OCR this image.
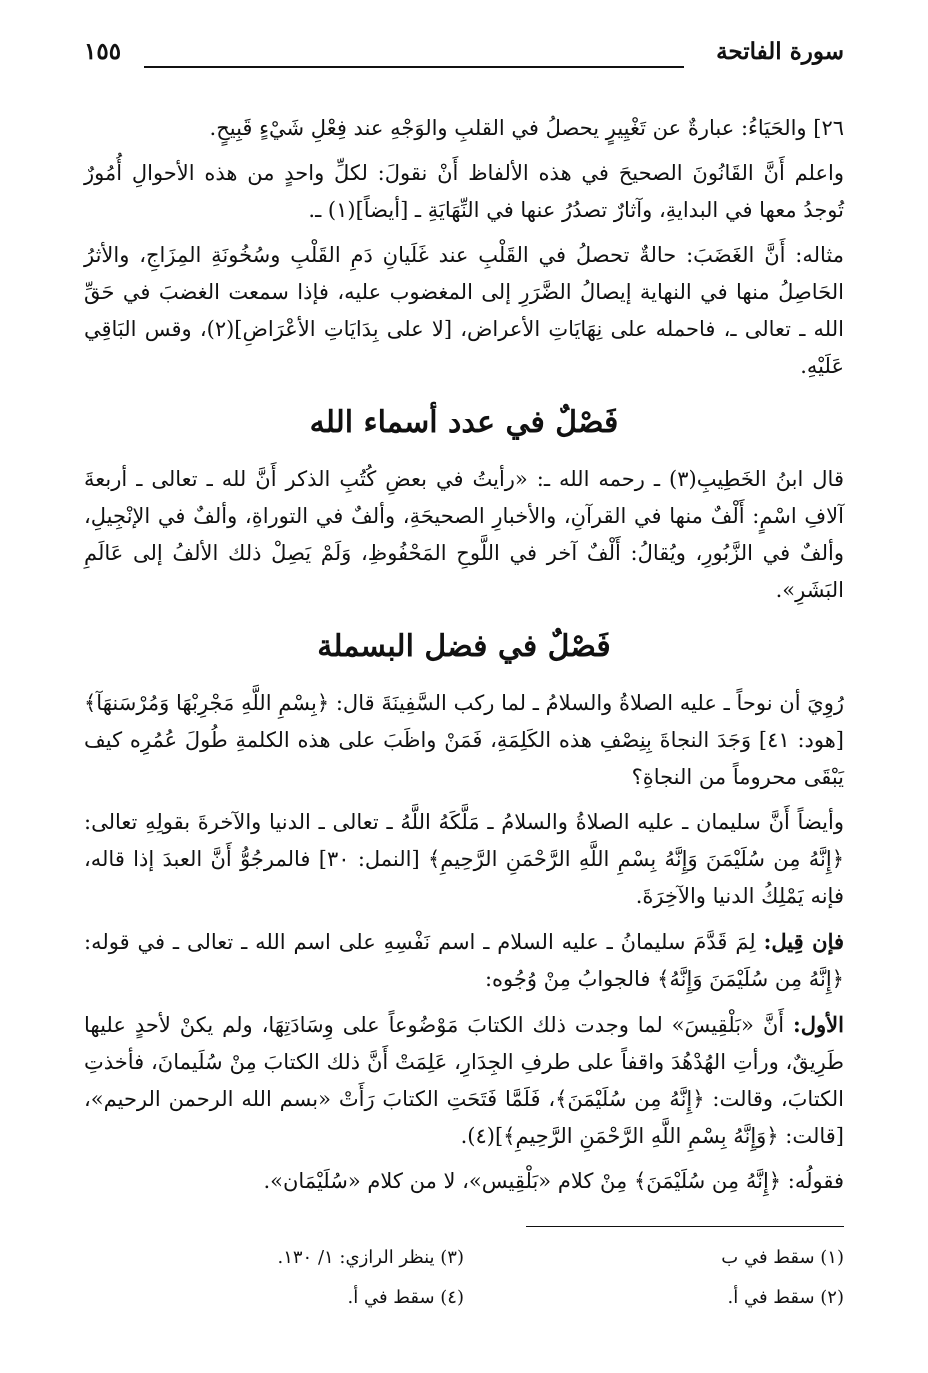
سورة الفاتحة
١٥٥

٢٦] والحَيَاءُ: عبارةٌ عن تَغْيِيرٍ يحصلُ في القلبِ والوَجْهِ عند فِعْلِ شَيْءٍ قَبِيحٍ.

واعلم أَنَّ القَانُونَ الصحيحَ في هذه الألفاظ أَنْ نقولَ: لكلِّ واحدٍ من هذه الأحوالِ أُمُورٌ تُوجدُ معها في البدايةِ، وآثارٌ تصدُرُ عنها في النِّهَايَةِ ـ [أيضاً](١) ـ.

مثاله: أَنَّ الغَضَبَ: حالةٌ تحصلُ في القَلْبِ عند غَلَيانِ دَمِ القَلْبِ وسُخُونَةِ المِزَاجِ، والأثرُ الحَاصِلُ منها في النهاية إيصالُ الضَّرَرِ إلى المغضوب عليه، فإذا سمعت الغضبَ في حَقِّ الله ـ تعالى ـ، فاحمله على نِهَايَاتِ الأعراض، [لا على بِدَايَاتِ الأعْرَاضِ](٢)، وقس البَاقِي عَلَيْهِ.

فَصْلٌ في عدد أسماء الله

قال ابنُ الخَطِيبِ(٣) ـ رحمه الله ـ: «رأيتُ في بعضِ كُتُبِ الذكر أَنَّ لله ـ تعالى ـ أربعةَ آلافِ اسْمٍ: أَلْفٌ منها في القرآنِ، والأخبارِ الصحيحَةِ، وألفٌ في التوراةِ، وألفٌ في الإنْجِيلِ، وألفٌ في الزَّبُورِ، ويُقالُ: أَلْفٌ آخر في اللَّوحِ المَحْفُوظِ، وَلَمْ يَصِلْ ذلك الألفُ إلى عَالَمِ البَشَرِ».

فَصْلٌ في فضل البسملة

رُوِيَ أن نوحاً ـ عليه الصلاةُ والسلامُ ـ لما ركب السَّفِينَةَ قال: ﴿بِسْمِ اللَّهِ مَجْرِبْهَا وَمُرْسَنهَآ﴾ [هود: ٤١] وَجَدَ النجاةَ بِنِصْفِ هذه الكَلِمَةِ، فَمَنْ واظَبَ على هذه الكلمةِ طُولَ عُمُرِه كيف يَبْقَى محروماً من النجاةِ؟

وأيضاً أَنَّ سليمان ـ عليه الصلاةُ والسلامُ ـ مَلَّكَهُ اللَّهُ ـ تعالى ـ الدنيا والآخرةَ بقولِهِ تعالى: ﴿إِنَّهُ مِن سُلَيْمَنَ وَإِنَّهُ بِسْمِ اللَّهِ الرَّحْمَنِ الرَّحِيمِ﴾ [النمل: ٣٠] فالمرجُوُّ أَنَّ العبدَ إذا قاله، فإنه يَمْلِكُ الدنيا والآخِرَةَ.

فإن قِيل: لِمَ قَدَّمَ سليمانُ ـ عليه السلام ـ اسم نَفْسِهِ على اسم الله ـ تعالى ـ في قوله: ﴿إِنَّهُ مِن سُلَيْمَنَ وَإِنَّهُ﴾ فالجوابُ مِنْ وُجُوه:

الأول: أَنَّ «بَلْقِيسَ» لما وجدت ذلك الكتابَ مَوْضُوعاً على وِسَادَتِهَا، ولم يكنْ لأحدٍ عليها طَرِيقٌ، ورأتِ الهُدْهُدَ واقفاً على طرفِ الجِدَارِ، عَلِمَتْ أَنَّ ذلك الكتابَ مِنْ سُلَيمانَ، فأخذتِ الكتابَ، وقالت: ﴿إِنَّهُ مِن سُلَيْمَنَ﴾، فَلَمَّا فَتَحَتِ الكتابَ رَأَتْ «بسم الله الرحمن الرحيم»، [قالت: ﴿وَإِنَّهُ بِسْمِ اللَّهِ الرَّحْمَنِ الرَّحِيمِ﴾](٤).

فقولُه: ﴿إِنَّهُ مِن سُلَيْمَنَ﴾ مِنْ كلام «بَلْقِيس»، لا من كلام «سُلَيْمَان».

(١) سقط في ب
(٣) ينظر الرازي: ١/ ١٣٠.
(٢) سقط في أ.
(٤) سقط في أ.
